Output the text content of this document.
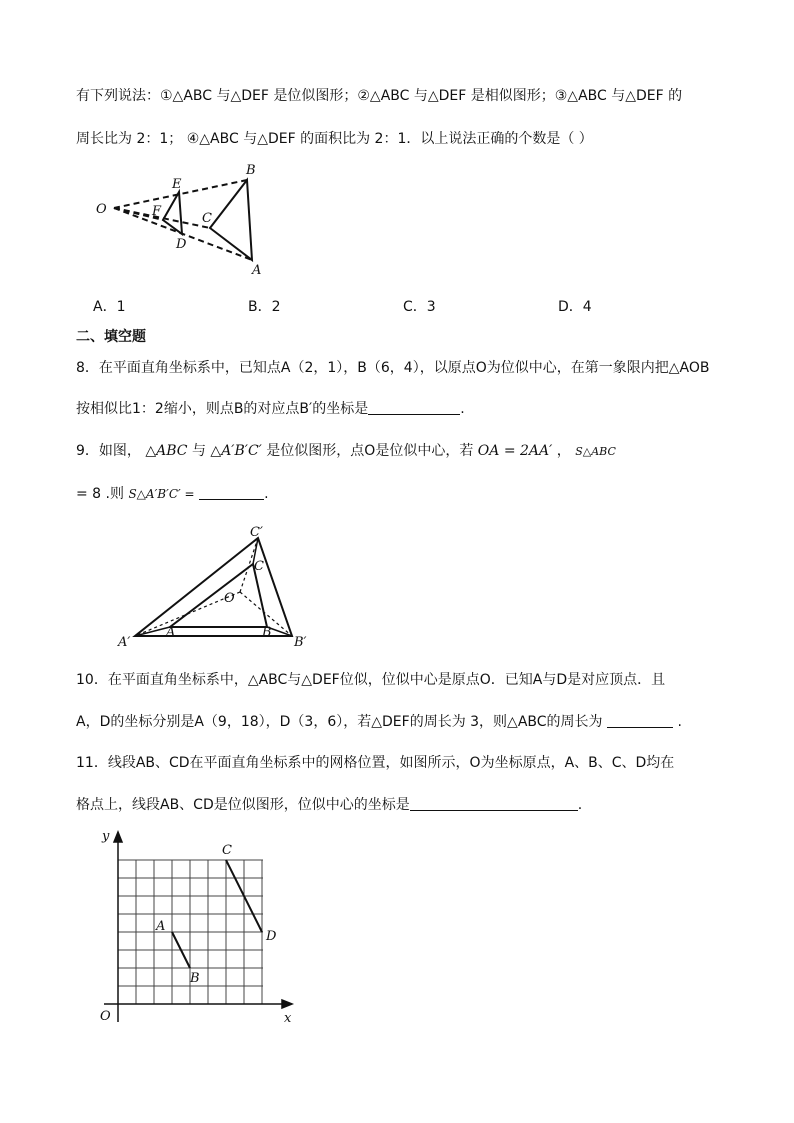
有下列说法：①△ABC 与△DEF 是位似图形；②△ABC 与△DEF 是相似图形；③△ABC 与△DEF 的
周长比为 2：1； ④△ABC 与△DEF 的面积比为 2：1．以上说法正确的个数是（ ）
O
E
F
D
C
B
A
A．1	B．2	C．3	D．4
二、填空题
8．在平面直角坐标系中，已知点A（2，1），B（6，4），以原点O为位似中心，在第一象限内把△AOB
按相似比1：2缩小，则点B的对应点B′的坐标是	.
9．如图， △ABC 与 △A′B′C′ 是位似图形，点O是位似中心，若 OA = 2AA′ ， S△ABC
= 8 .则 S△A′B′C′ =	.
A′
A	B
B′
C
C′
O
10．在平面直角坐标系中，△ABC与△DEF位似，位似中心是原点O．已知A与D是对应顶点．且
A，D的坐标分别是A（9，18），D（3，6），若△DEF的周长为 3，则△ABC的周长为	.
11．线段AB、CD在平面直角坐标系中的网格位置，如图所示，O为坐标原点，A、B、C、D均在
格点上，线段AB、CD是位似图形，位似中心的坐标是	.
y
x
O
A
B
C
D
